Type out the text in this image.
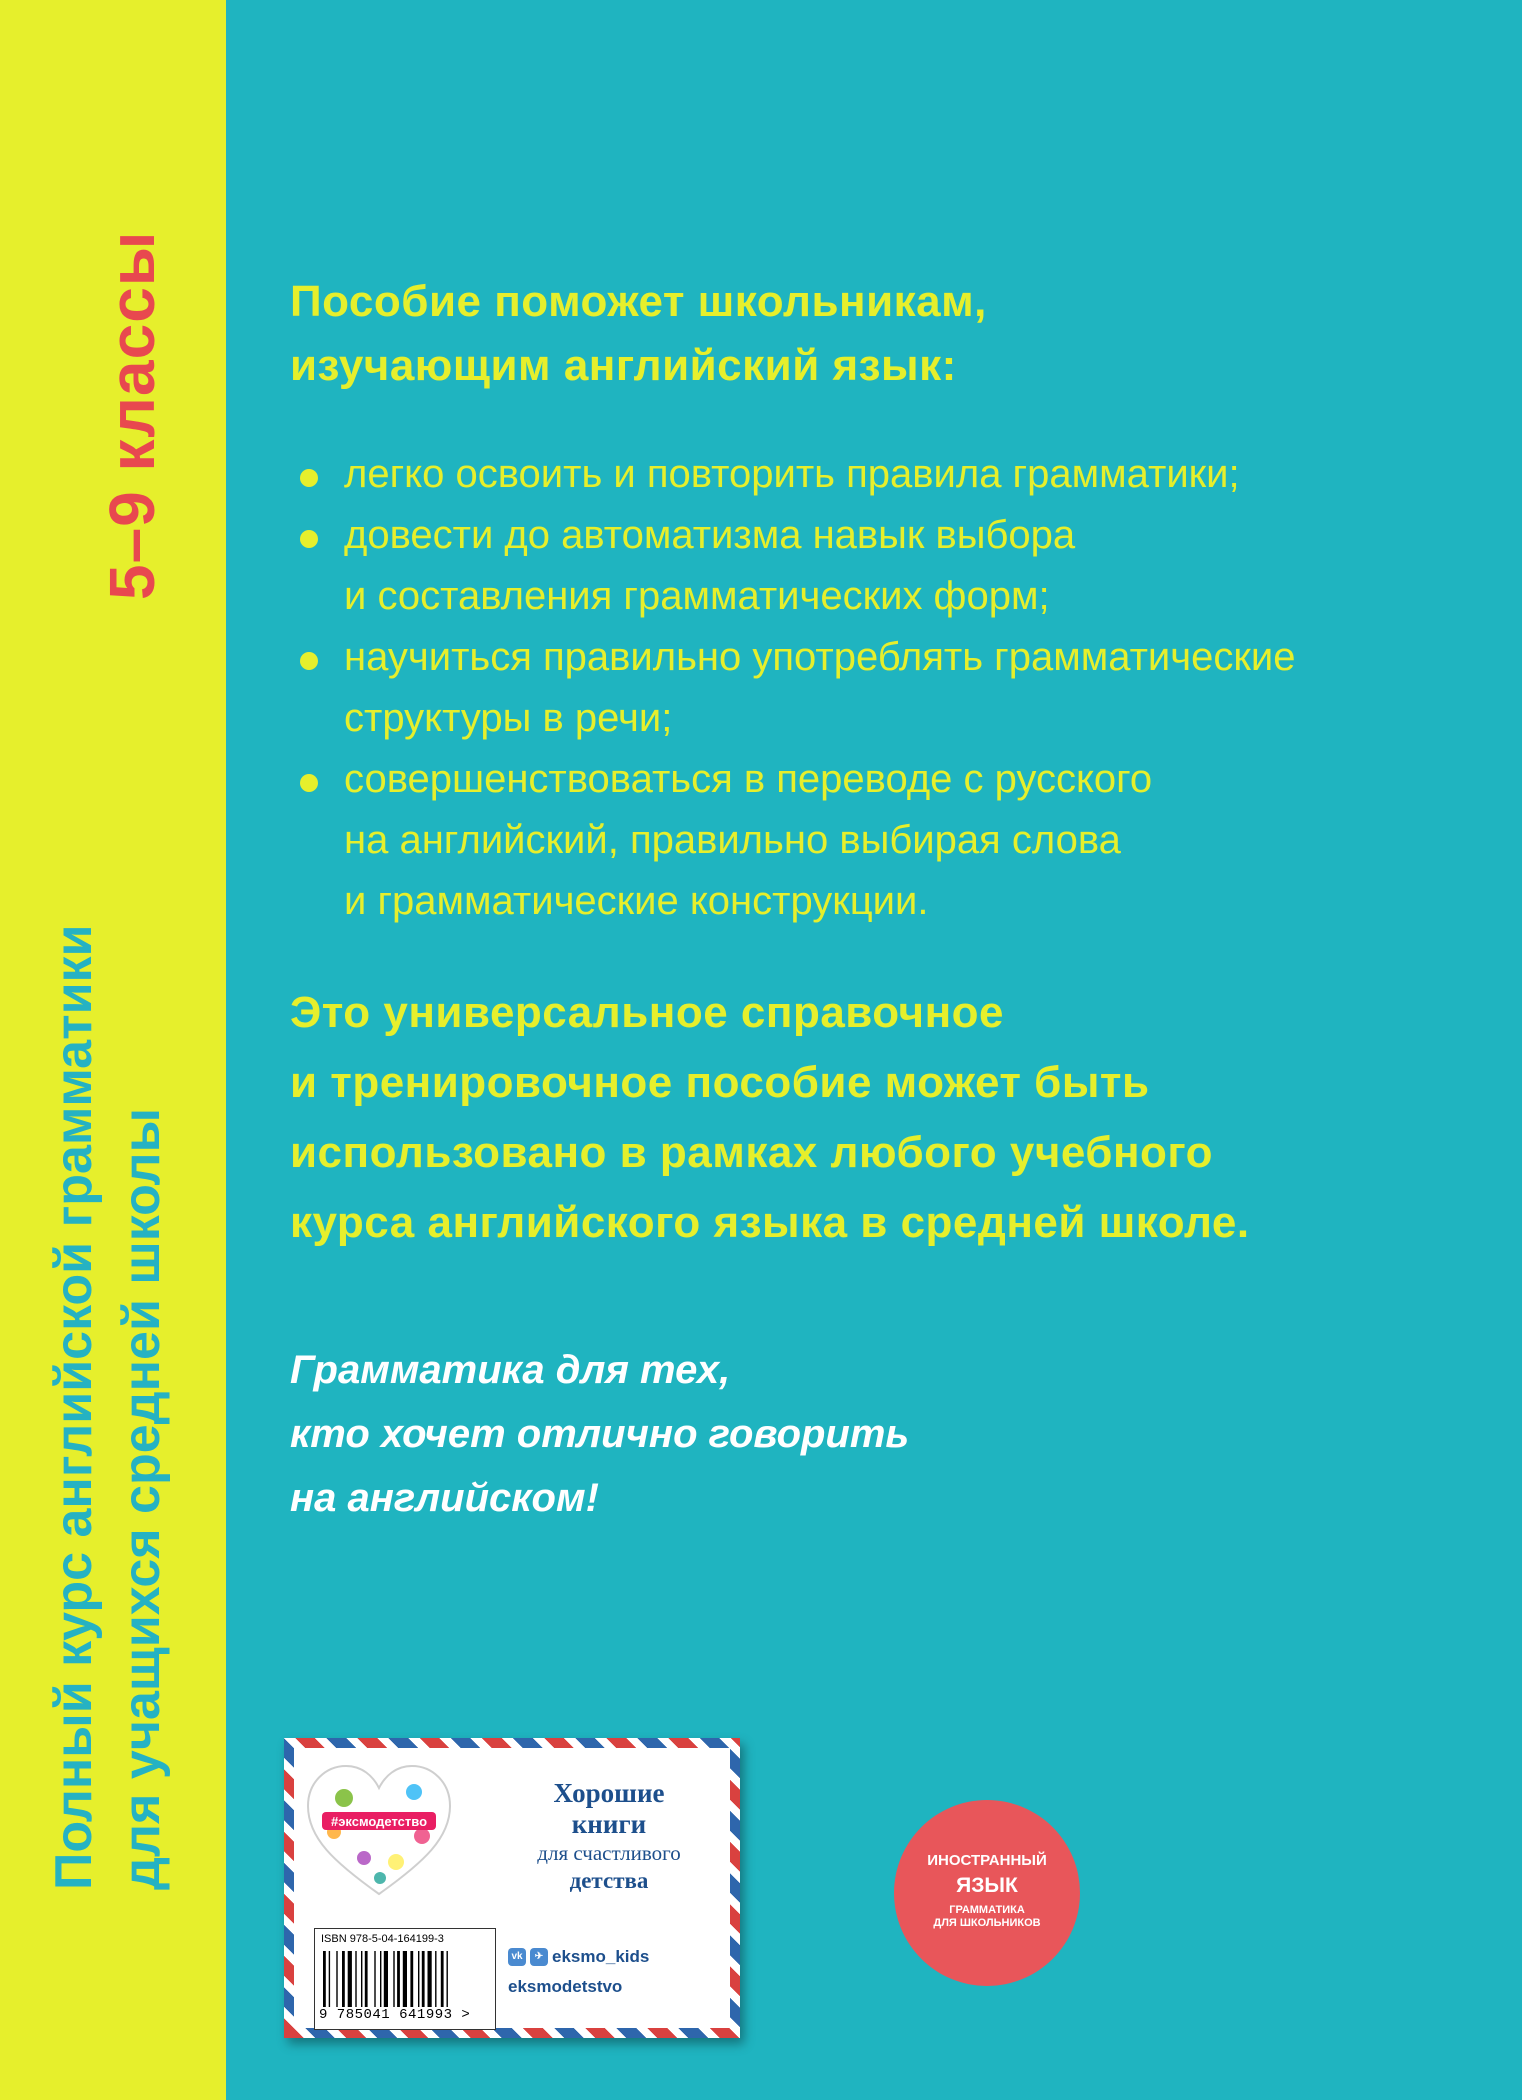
5–9 классы
Полный курс английской грамматики для учащихся средней школы
Пособие поможет школьникам,
изучающим английский язык:
легко освоить и повторить правила грамматики;
довести до автоматизма навык выбора
и составления грамматических форм;
научиться правильно употреблять грамматические
структуры в речи;
совершенствоваться в переводе с русского
на английский, правильно выбирая слова
и грамматические конструкции.
Это универсальное справочное
и тренировочное пособие может быть
использовано в рамках любого учебного
курса английского языка в средней школе.
Грамматика для тех,
кто хочет отлично говорить
на английском!
#эксмодетство
Хорошие
книги
для счастливого
детства
ISBN 978-5-04-164199-3
9 785041 641993 >
vk	✈ eksmo_kids
eksmodetstvo
ИНОСТРАННЫЙ
ЯЗЫК
ГРАММАТИКА
ДЛЯ ШКОЛЬНИКОВ
